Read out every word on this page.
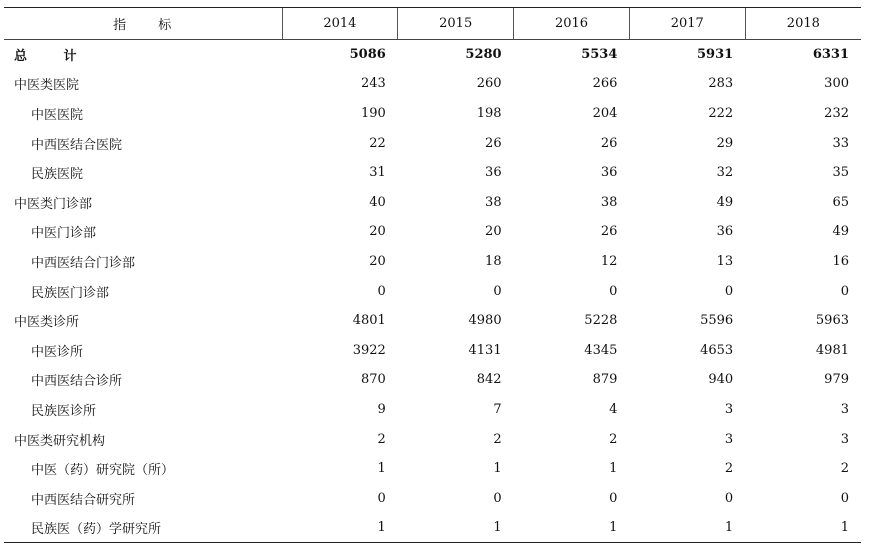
指 标	2014	2015	2016	2017	2018
总 计	5086	5280	5534	5931	6331
中医类医院	243	260	266	283	300
中医医院	190	198	204	222	232
中西医结合医院	22	26	26	29	33
民族医院	31	36	36	32	35
中医类门诊部	40	38	38	49	65
中医门诊部	20	20	26	36	49
中西医结合门诊部	20	18	12	13	16
民族医门诊部	0	0	0	0	0
中医类诊所	4801	4980	5228	5596	5963
中医诊所	3922	4131	4345	4653	4981
中西医结合诊所	870	842	879	940	979
民族医诊所	9	7	4	3	3
中医类研究机构	2	2	2	3	3
中医（药）研究院（所）	1	1	1	2	2
中西医结合研究所	0	0	0	0	0
民族医（药）学研究所	1	1	1	1	1
